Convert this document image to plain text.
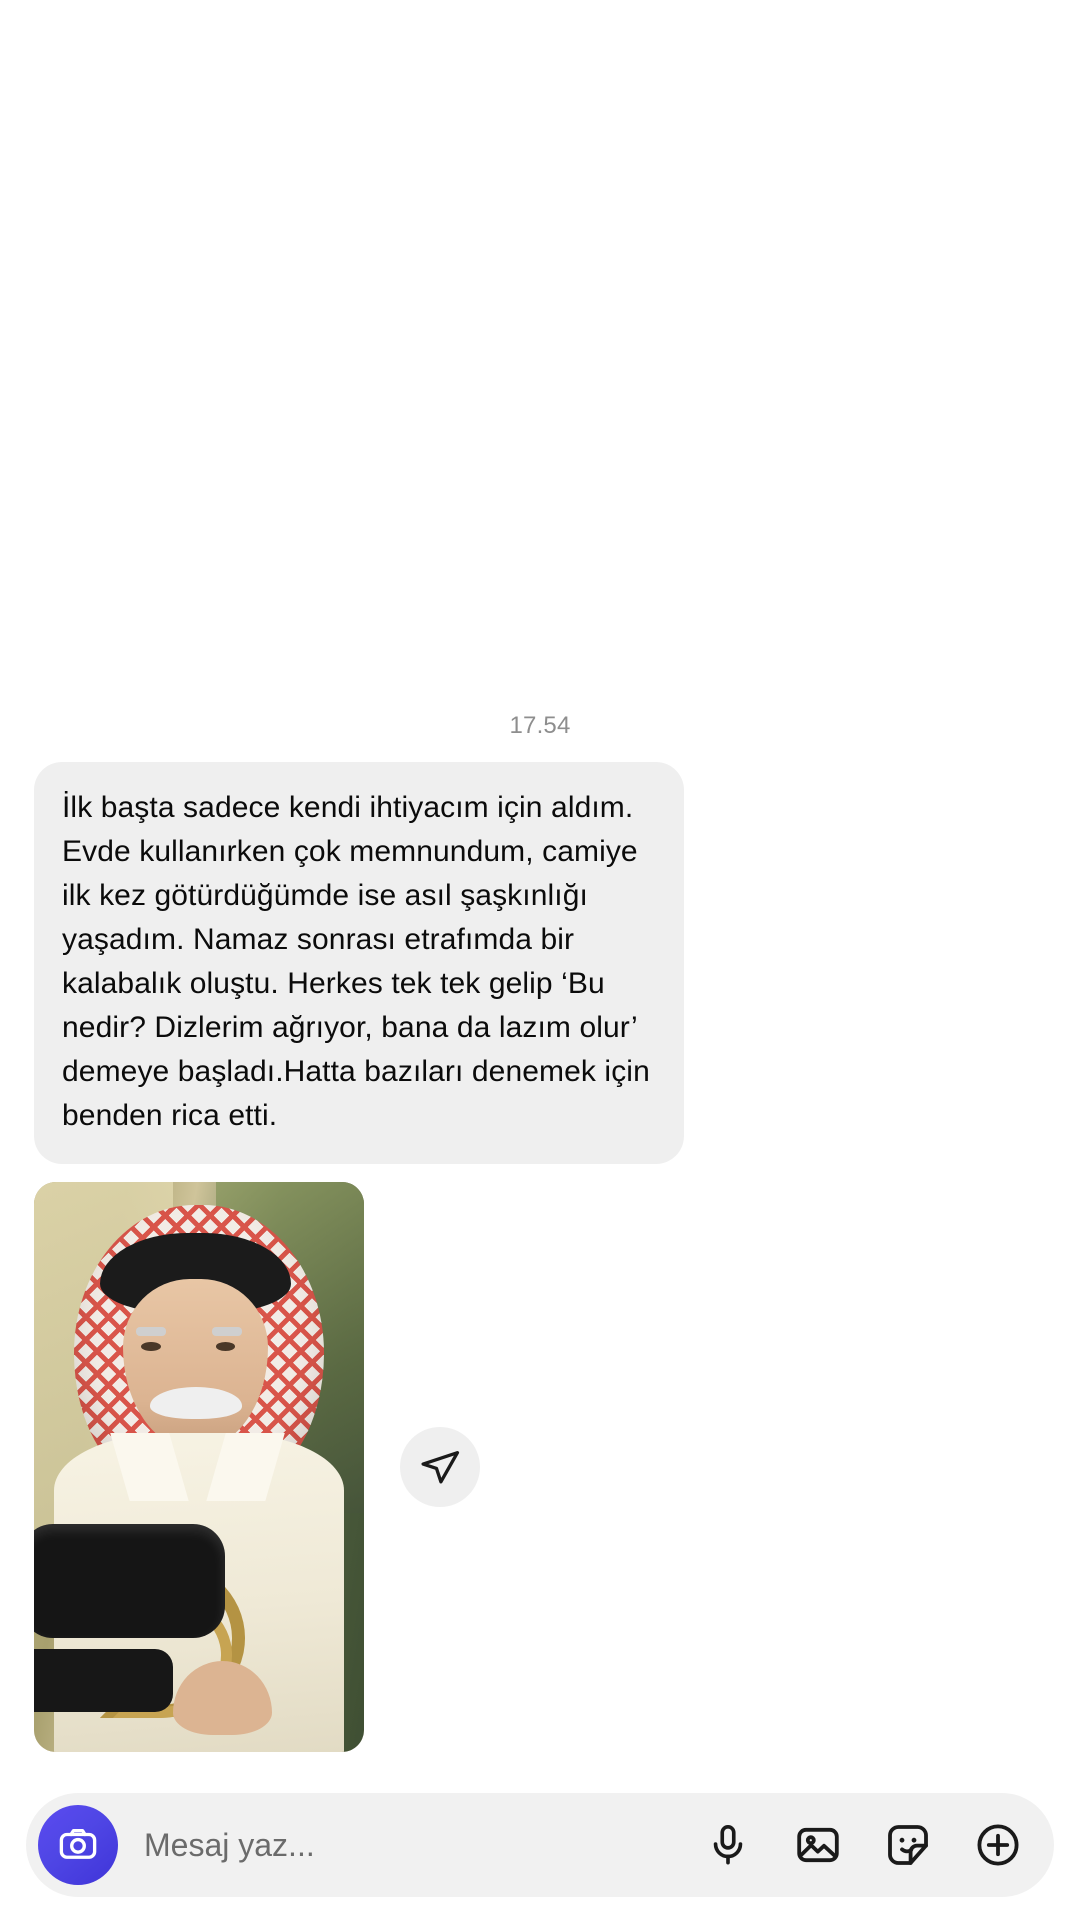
17.54
İlk başta sadece kendi ihtiyacım için aldım. Evde kullanırken çok memnundum, camiye ilk kez götürdüğümde ise asıl şaşkınlığı yaşadım. Namaz sonrası etrafımda bir kalabalık oluştu. Herkes tek tek gelip ‘Bu nedir? Dizlerim ağrıyor, bana da lazım olur’ demeye başladı.Hatta bazıları denemek için benden rica etti.
Mesaj yaz...
